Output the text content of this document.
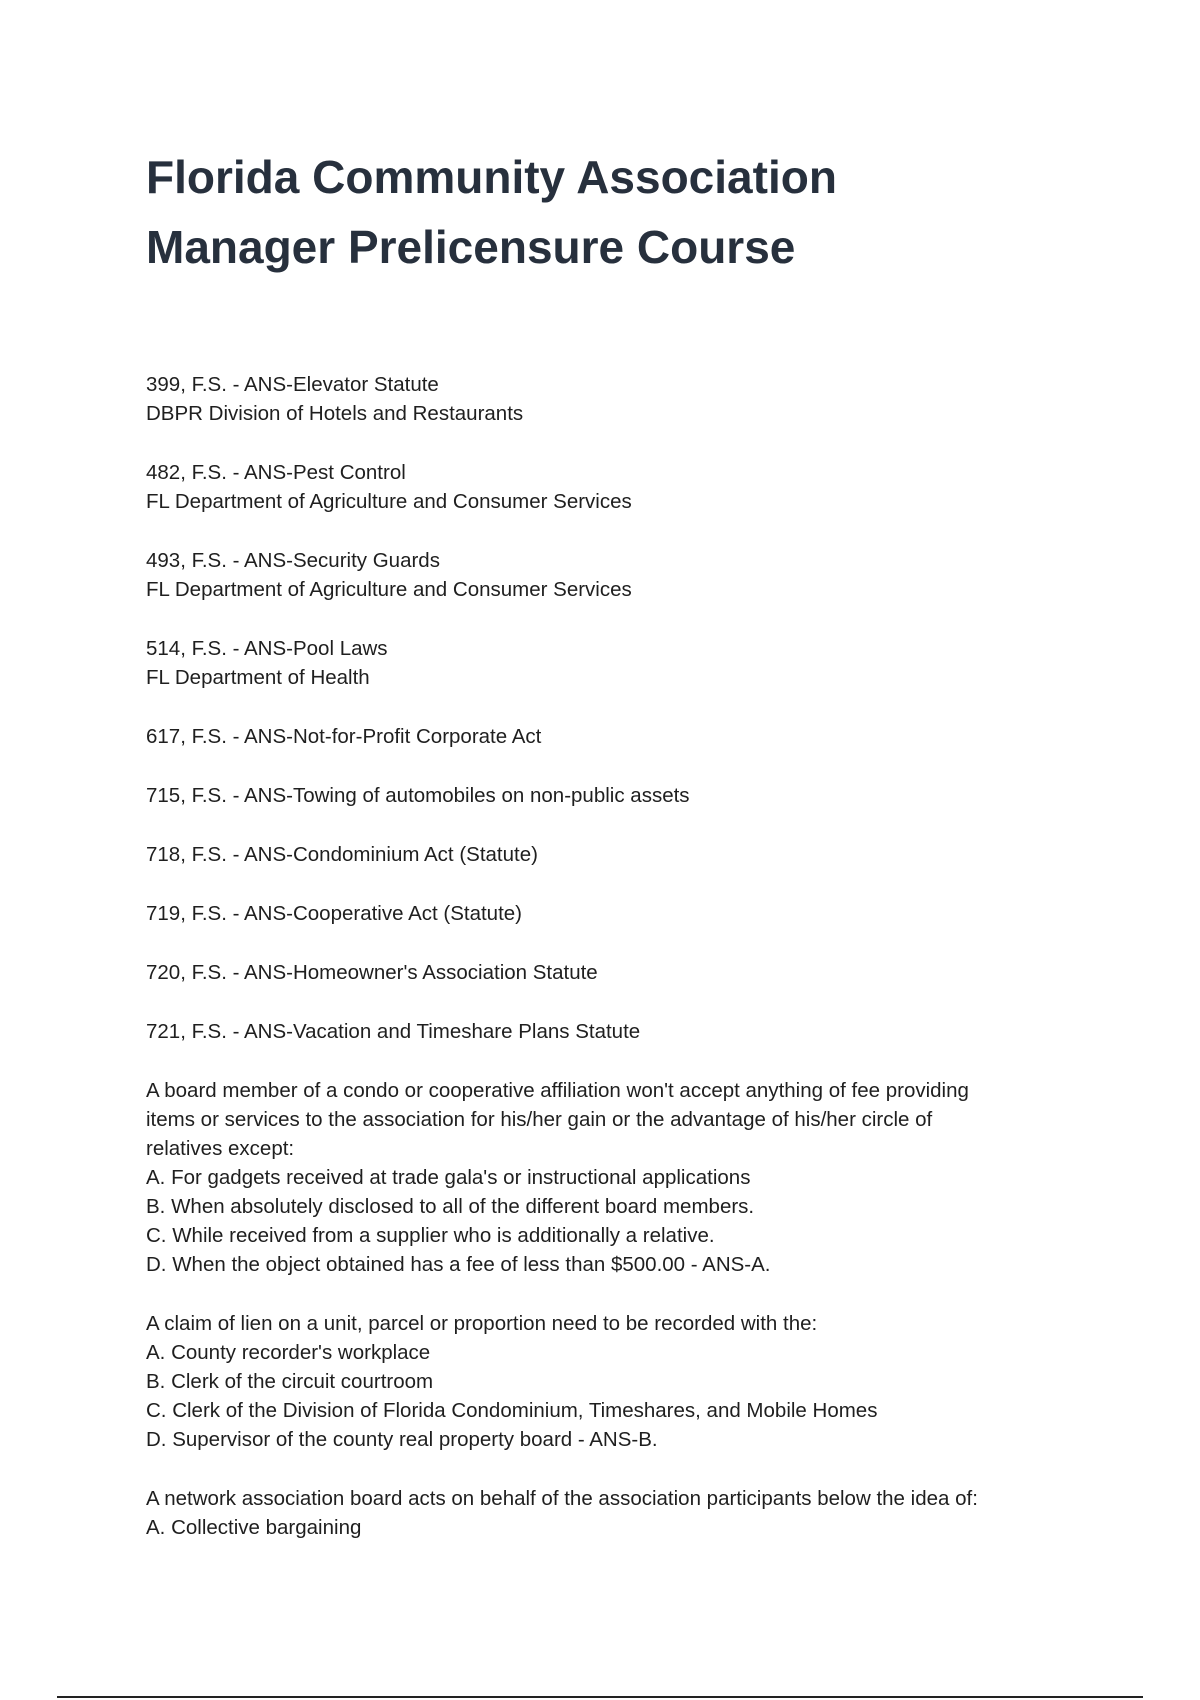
Florida Community Association
Manager Prelicensure Course
399, F.S. - ANS-Elevator Statute
DBPR Division of Hotels and Restaurants
482, F.S. - ANS-Pest Control
FL Department of Agriculture and Consumer Services
493, F.S. - ANS-Security Guards
FL Department of Agriculture and Consumer Services
514, F.S. - ANS-Pool Laws
FL Department of Health
617, F.S. - ANS-Not-for-Profit Corporate Act
715, F.S. - ANS-Towing of automobiles on non-public assets
718, F.S. - ANS-Condominium Act (Statute)
719, F.S. - ANS-Cooperative Act (Statute)
720, F.S. - ANS-Homeowner's Association Statute
721, F.S. - ANS-Vacation and Timeshare Plans Statute
A board member of a condo or cooperative affiliation won't accept anything of fee providing
items or services to the association for his/her gain or the advantage of his/her circle of
relatives except:
A. For gadgets received at trade gala's or instructional applications
B. When absolutely disclosed to all of the different board members.
C. While received from a supplier who is additionally a relative.
D. When the object obtained has a fee of less than $500.00 - ANS-A.
A claim of lien on a unit, parcel or proportion need to be recorded with the:
A. County recorder's workplace
B. Clerk of the circuit courtroom
C. Clerk of the Division of Florida Condominium, Timeshares, and Mobile Homes
D. Supervisor of the county real property board - ANS-B.
A network association board acts on behalf of the association participants below the idea of:
A. Collective bargaining
